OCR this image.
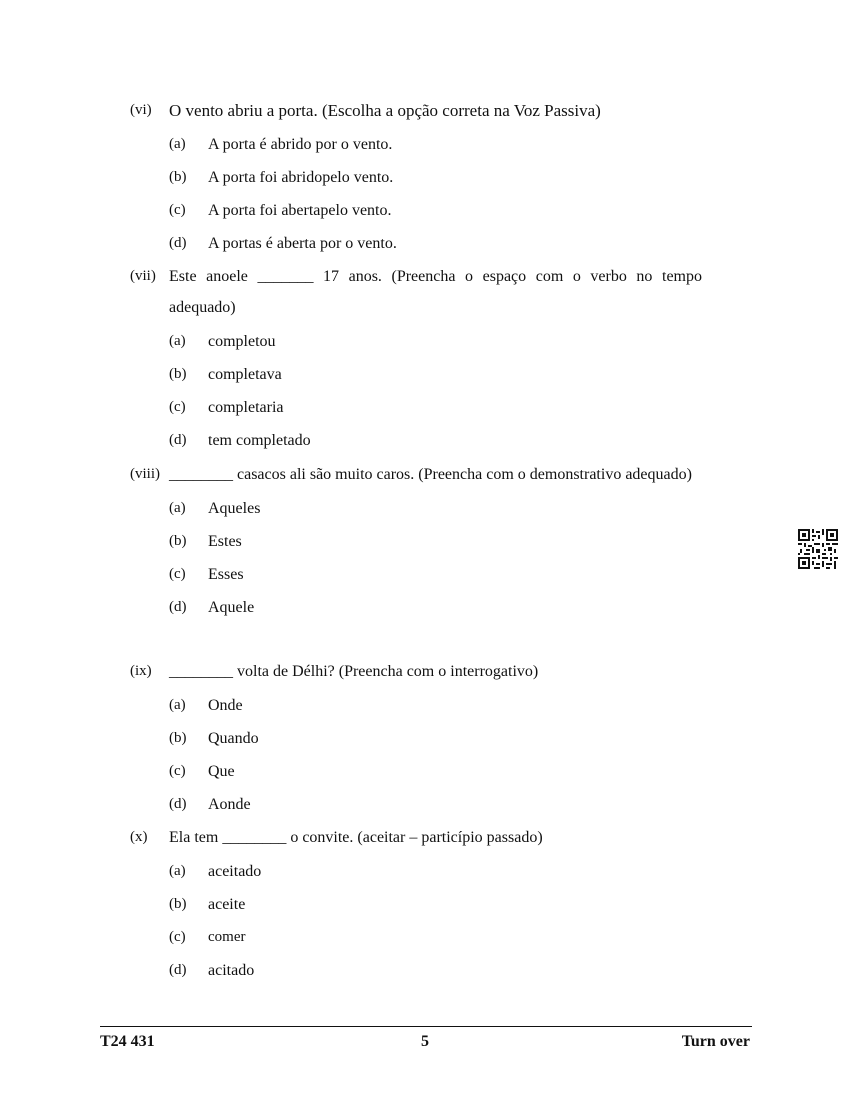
(vi) O vento abriu a porta. (Escolha a opção correta na Voz Passiva)
(a) A porta é abrido por o vento.
(b) A porta foi abridopelo vento.
(c) A porta foi abertapelo vento.
(d) A portas é aberta por o vento.
(vii) Este anoele _______ 17 anos. (Preencha o espaço com o verbo no tempo adequado)
(a) completou
(b) completava
(c) completaria
(d) tem completado
(viii) ________ casacos ali são muito caros. (Preencha com o demonstrativo adequado)
(a) Aqueles
(b) Estes
(c) Esses
(d) Aquele
(ix) ________ volta de Délhi? (Preencha com o interrogativo)
(a) Onde
(b) Quando
(c) Que
(d) Aonde
(x) Ela tem ________ o convite. (aceitar – particípio passado)
(a) aceitado
(b) aceite
(c) comer
(d) acitado
T24 431	5	Turn over
